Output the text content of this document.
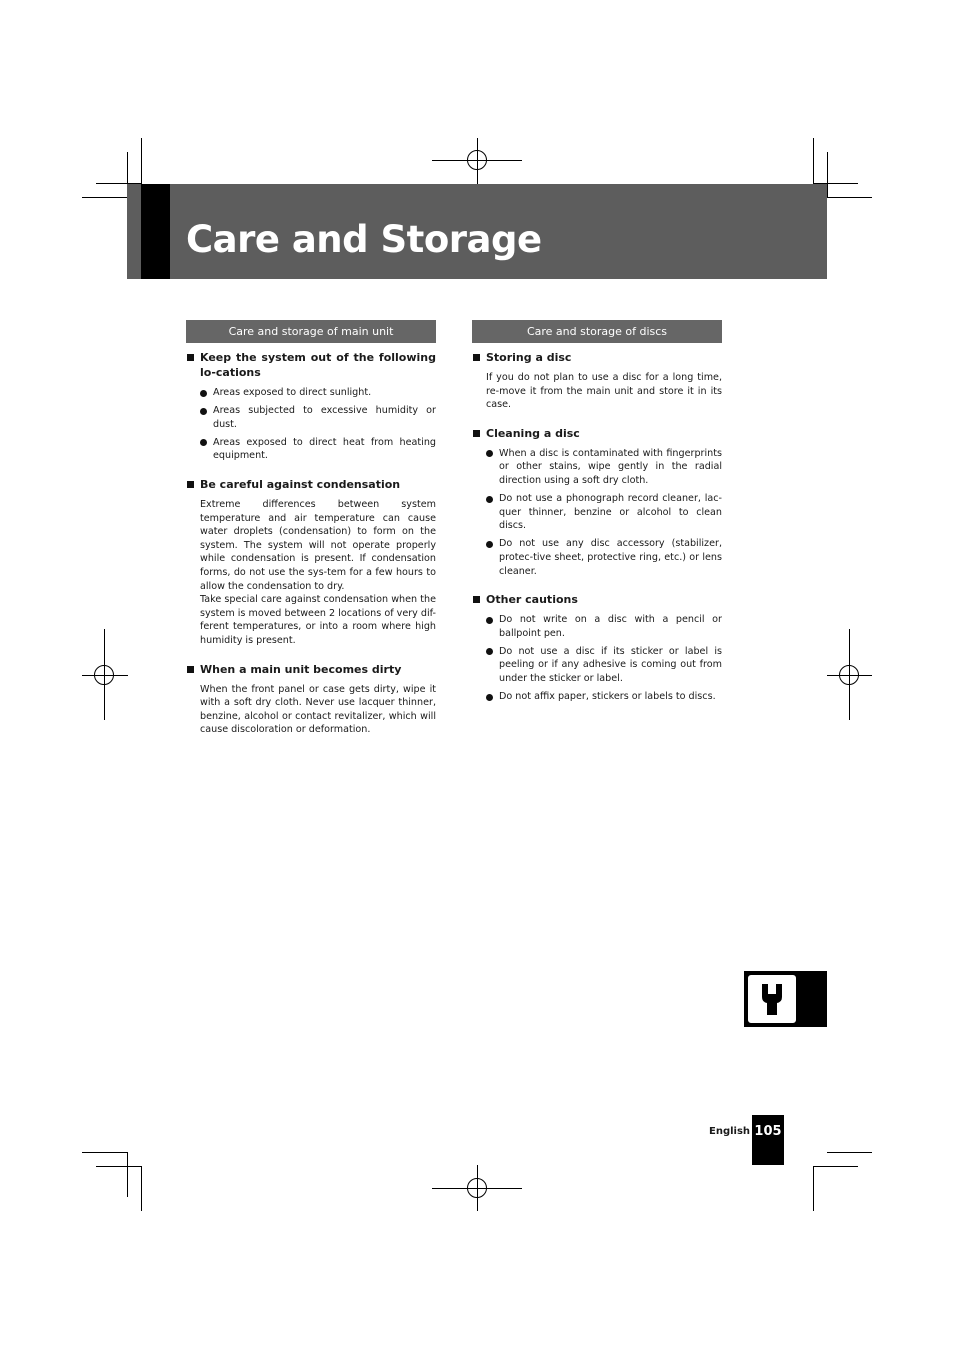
Care and Storage
Care and storage of main unit
Keep the system out of the following lo-cations
Areas exposed to direct sunlight.
Areas subjected to excessive humidity or dust.
Areas exposed to direct heat from heating equipment.
Be careful against condensation

Extreme differences between system temperature and air temperature can cause water droplets (condensation) to form on the system. The system will not operate properly while condensation is present. If condensation forms, do not use the sys-tem for a few hours to allow the condensation to dry.

Take special care against condensation when the system is moved between 2 locations of very dif-ferent temperatures, or into a room where high humidity is present.

When a main unit becomes dirty

When the front panel or case gets dirty, wipe it with a soft dry cloth. Never use lacquer thinner, benzine, alcohol or contact revitalizer, which will cause discoloration or deformation.

Care and storage of discs
Storing a disc

If you do not plan to use a disc for a long time, re-move it from the main unit and store it in its case.

Cleaning a disc
When a disc is contaminated with fingerprints or other stains, wipe gently in the radial direction using a soft dry cloth.
Do not use a phonograph record cleaner, lac-quer thinner, benzine or alcohol to clean discs.
Do not use any disc accessory (stabilizer, protec-tive sheet, protective ring, etc.) or lens cleaner.
Other cautions
Do not write on a disc with a pencil or ballpoint pen.
Do not use a disc if its sticker or label is peeling or if any adhesive is coming out from under the sticker or label.
Do not affix paper, stickers or labels to discs.
English 105
